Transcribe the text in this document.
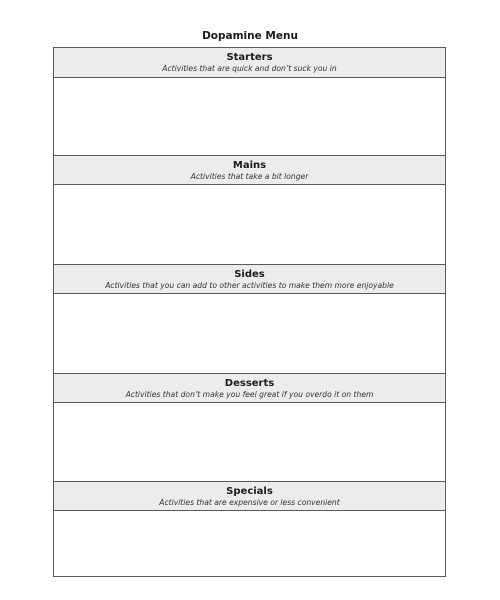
Dopamine Menu
Starters
Activities that are quick and don’t suck you in
Mains
Activities that take a bit longer
Sides
Activities that you can add to other activities to make them more enjoyable
Desserts
Activities that don’t make you feel great if you overdo it on them
Specials
Activities that are expensive or less convenient
